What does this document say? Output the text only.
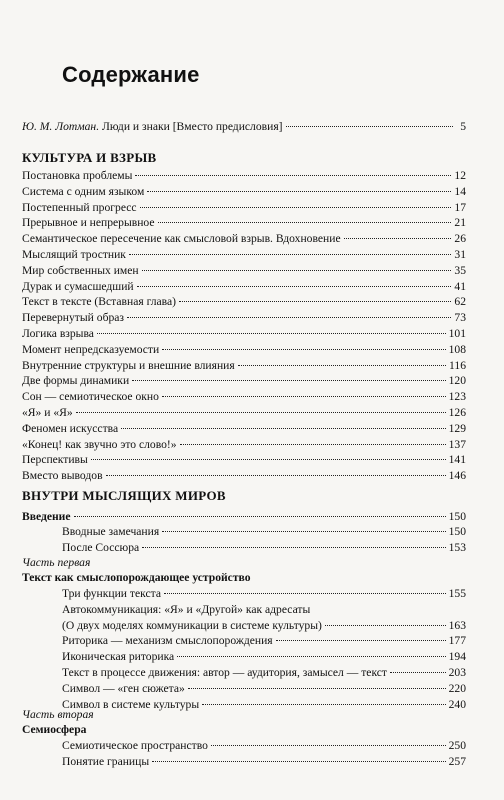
Содержание
Ю. М. Лотман. Люди и знаки [Вместо предисловия]	5
КУЛЬТУРА И ВЗРЫВ
Постановка проблемы	12
Система с одним языком	14
Постепенный прогресс	17
Прерывное и непрерывное	21
Семантическое пересечение как смысловой взрыв. Вдохновение	26
Мыслящий тростник	31
Мир собственных имен	35
Дурак и сумасшедший	41
Текст в тексте (Вставная глава)	62
Перевернутый образ	73
Логика взрыва	101
Момент непредсказуемости	108
Внутренние структуры и внешние влияния	116
Две формы динамики	120
Сон — семиотическое окно	123
«Я» и «Я»	126
Феномен искусства	129
«Конец! как звучно это слово!»	137
Перспективы	141
Вместо выводов	146
ВНУТРИ МЫСЛЯЩИХ МИРОВ
Введение	150
Вводные замечания	150
После Соссюра	153
Часть первая
Текст как смыслопорождающее устройство
Три функции текста	155
Автокоммуникация: «Я» и «Другой» как адресаты
(О двух моделях коммуникации в системе культуры)	163
Риторика — механизм смыслопорождения	177
Иконическая риторика	194
Текст в процессе движения: автор — аудитория, замысел — текст	203
Символ — «ген сюжета»	220
Символ в системе культуры	240
Часть вторая
Семиосфера
Семиотическое пространство	250
Понятие границы	257
